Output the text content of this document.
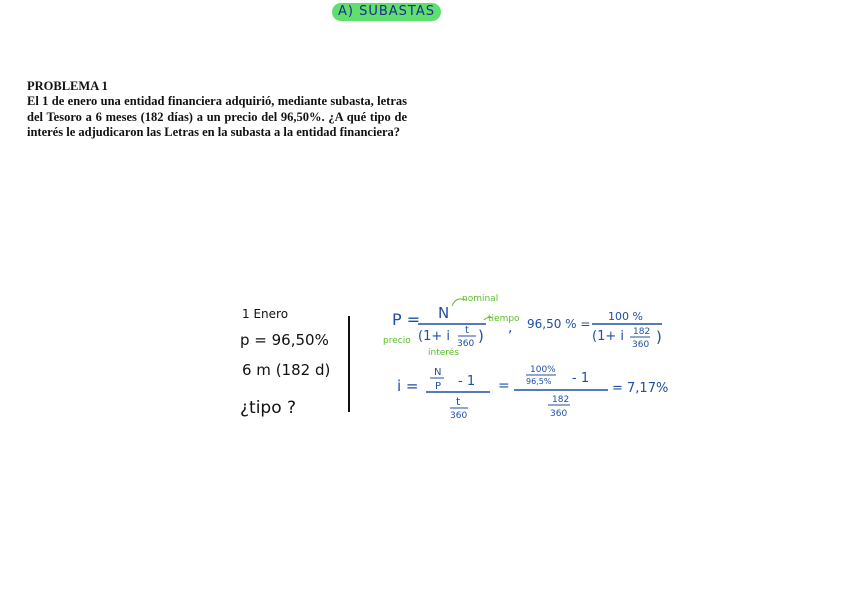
A) SUBASTAS
PROBLEMA 1

El 1 de enero una entidad financiera adquirió, mediante subasta, letras del Tesoro a 6 meses (182 días) a un precio del 96,50%. ¿A qué tipo de interés le adjudicaron las Letras en la subasta a la entidad financiera?

1 Enero
p = 96,50%
6 m (182 d)
¿tipo ?
P = N
(1+ i t
360 ) , 96,50 % =
100 %
(1+ i 182
360 )
nominal
tiempo
precio
interés
i =
N
P - 1
t
360
=
100%
96,5% - 1
182
360
= 7,17%
